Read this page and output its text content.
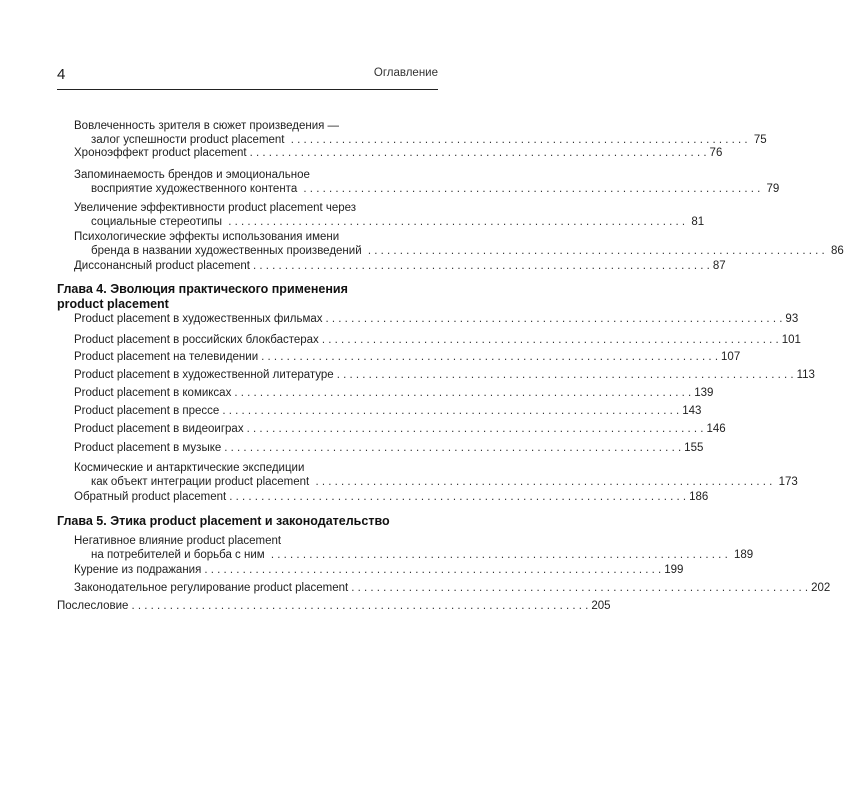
4	Оглавление
Вовлеченность зрителя в сюжет произведения —
залог успешности product placement . . .	75
Хроноэффект product placement . . .	76
Запоминаемость брендов и эмоциональное
восприятие художественного контента . . .	79
Увеличение эффективности product placement через
социальные стереотипы . . .	81
Психологические эффекты использования имени
бренда в названии художественных произведений . . .	86
Диссонансный product placement . . .	87
Глава 4. Эволюция практического применения
product placement
Product placement в художественных фильмах . . .	93
Product placement в российских блокбастерах . . .	101
Product placement на телевидении . . .	107
Product placement в художественной литературе . . .	113
Product placement в комиксах . . .	139
Product placement в прессе . . .	143
Product placement в видеоиграх . . .	146
Product placement в музыке . . .	155
Космические и антарктические экспедиции
как объект интеграции product placement . . .	173
Обратный product placement . . .	186
Глава 5. Этика product placement и законодательство
Негативное влияние product placement
на потребителей и борьба с ним . . .	189
Курение из подражания . . .	199
Законодательное регулирование product placement . . .	202
Послесловие . . .	205
